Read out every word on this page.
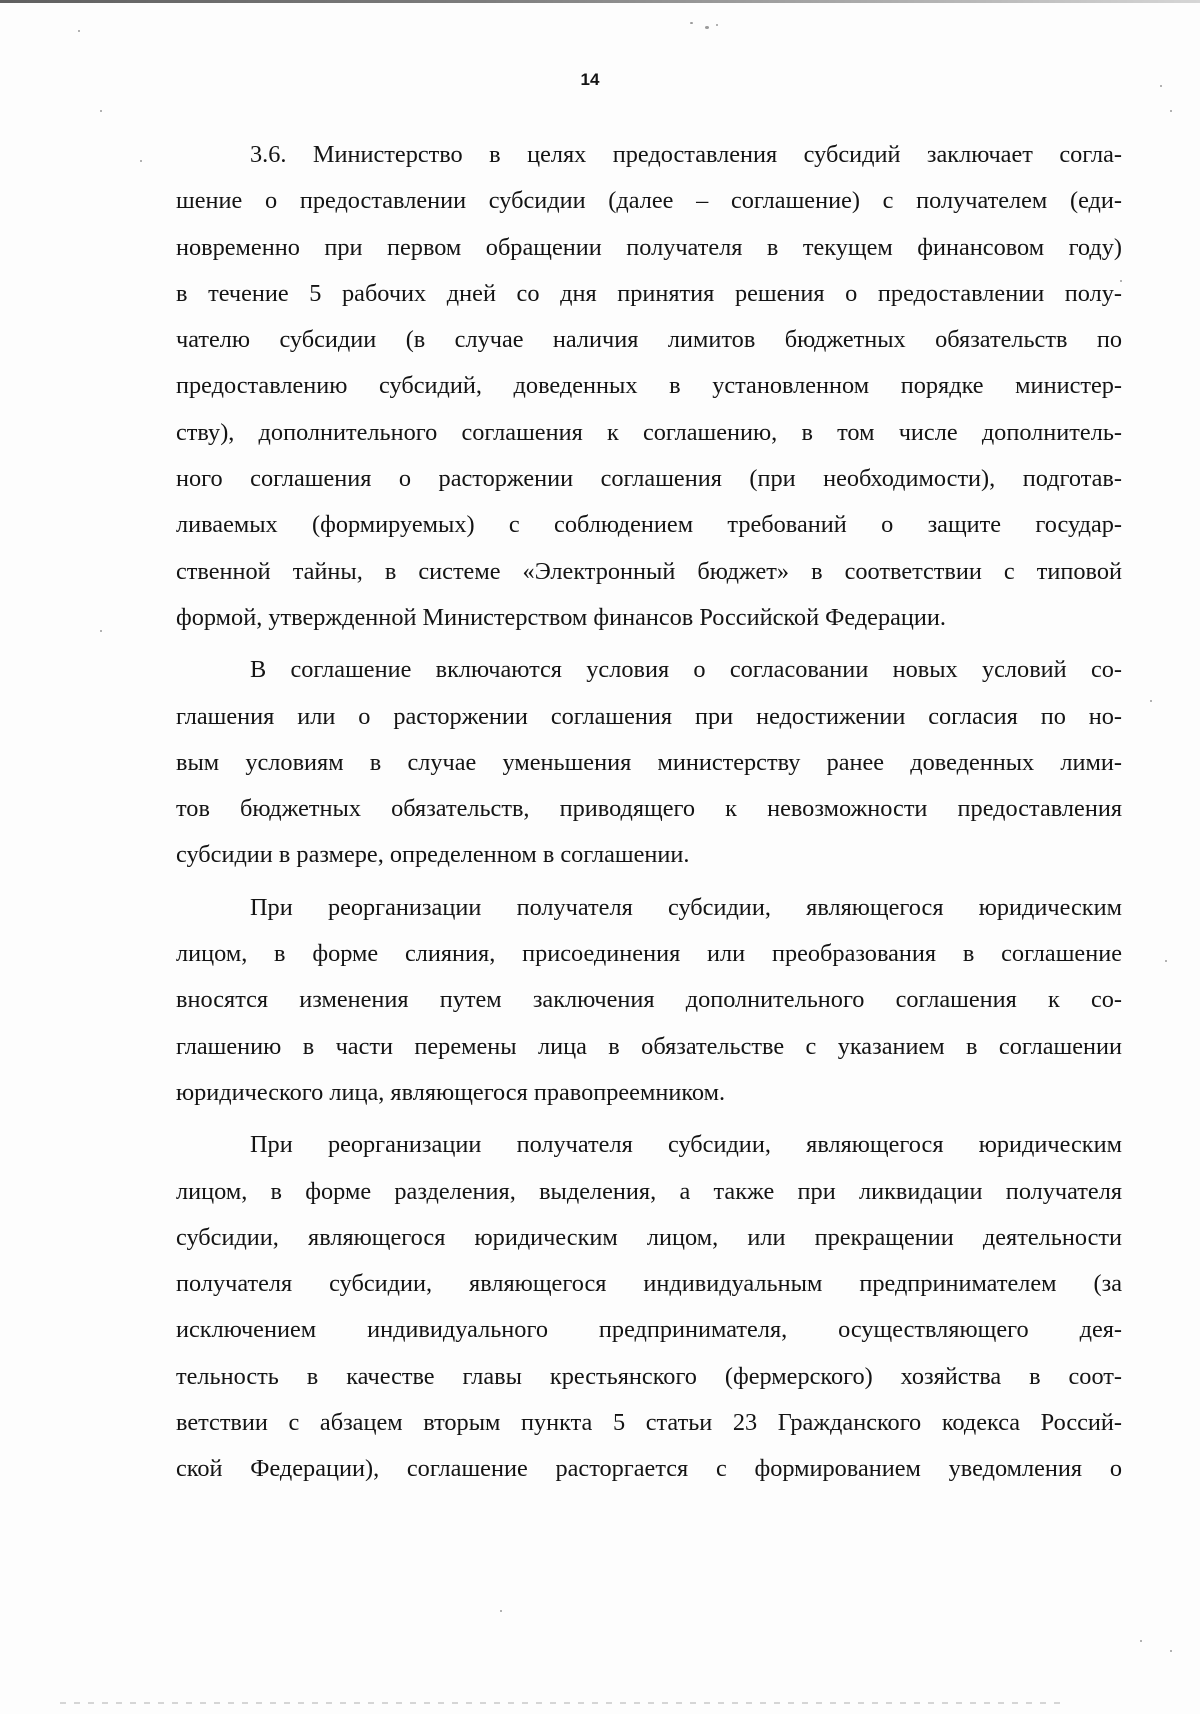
14
3.6. Министерство в целях предоставления субсидий заключает согла-
шение о предоставлении субсидии (далее – соглашение) с получателем (еди-
новременно при первом обращении получателя в текущем финансовом году)
в течение 5 рабочих дней со дня принятия решения о предоставлении полу-
чателю субсидии (в случае наличия лимитов бюджетных обязательств по
предоставлению субсидий, доведенных в установленном порядке министер-
ству), дополнительного соглашения к соглашению, в том числе дополнитель-
ного соглашения о расторжении соглашения (при необходимости), подготав-
ливаемых (формируемых) с соблюдением требований о защите государ-
ственной тайны, в системе «Электронный бюджет» в соответствии с типовой
формой, утвержденной Министерством финансов Российской Федерации.
В соглашение включаются условия о согласовании новых условий со-
глашения или о расторжении соглашения при недостижении согласия по но-
вым условиям в случае уменьшения министерству ранее доведенных лими-
тов бюджетных обязательств, приводящего к невозможности предоставления
субсидии в размере, определенном в соглашении.
При реорганизации получателя субсидии, являющегося юридическим
лицом, в форме слияния, присоединения или преобразования в соглашение
вносятся изменения путем заключения дополнительного соглашения к со-
глашению в части перемены лица в обязательстве с указанием в соглашении
юридического лица, являющегося правопреемником.
При реорганизации получателя субсидии, являющегося юридическим
лицом, в форме разделения, выделения, а также при ликвидации получателя
субсидии, являющегося юридическим лицом, или прекращении деятельности
получателя субсидии, являющегося индивидуальным предпринимателем (за
исключением индивидуального предпринимателя, осуществляющего дея-
тельность в качестве главы крестьянского (фермерского) хозяйства в соот-
ветствии с абзацем вторым пункта 5 статьи 23 Гражданского кодекса Россий-
ской Федерации), соглашение расторгается с формированием уведомления о
